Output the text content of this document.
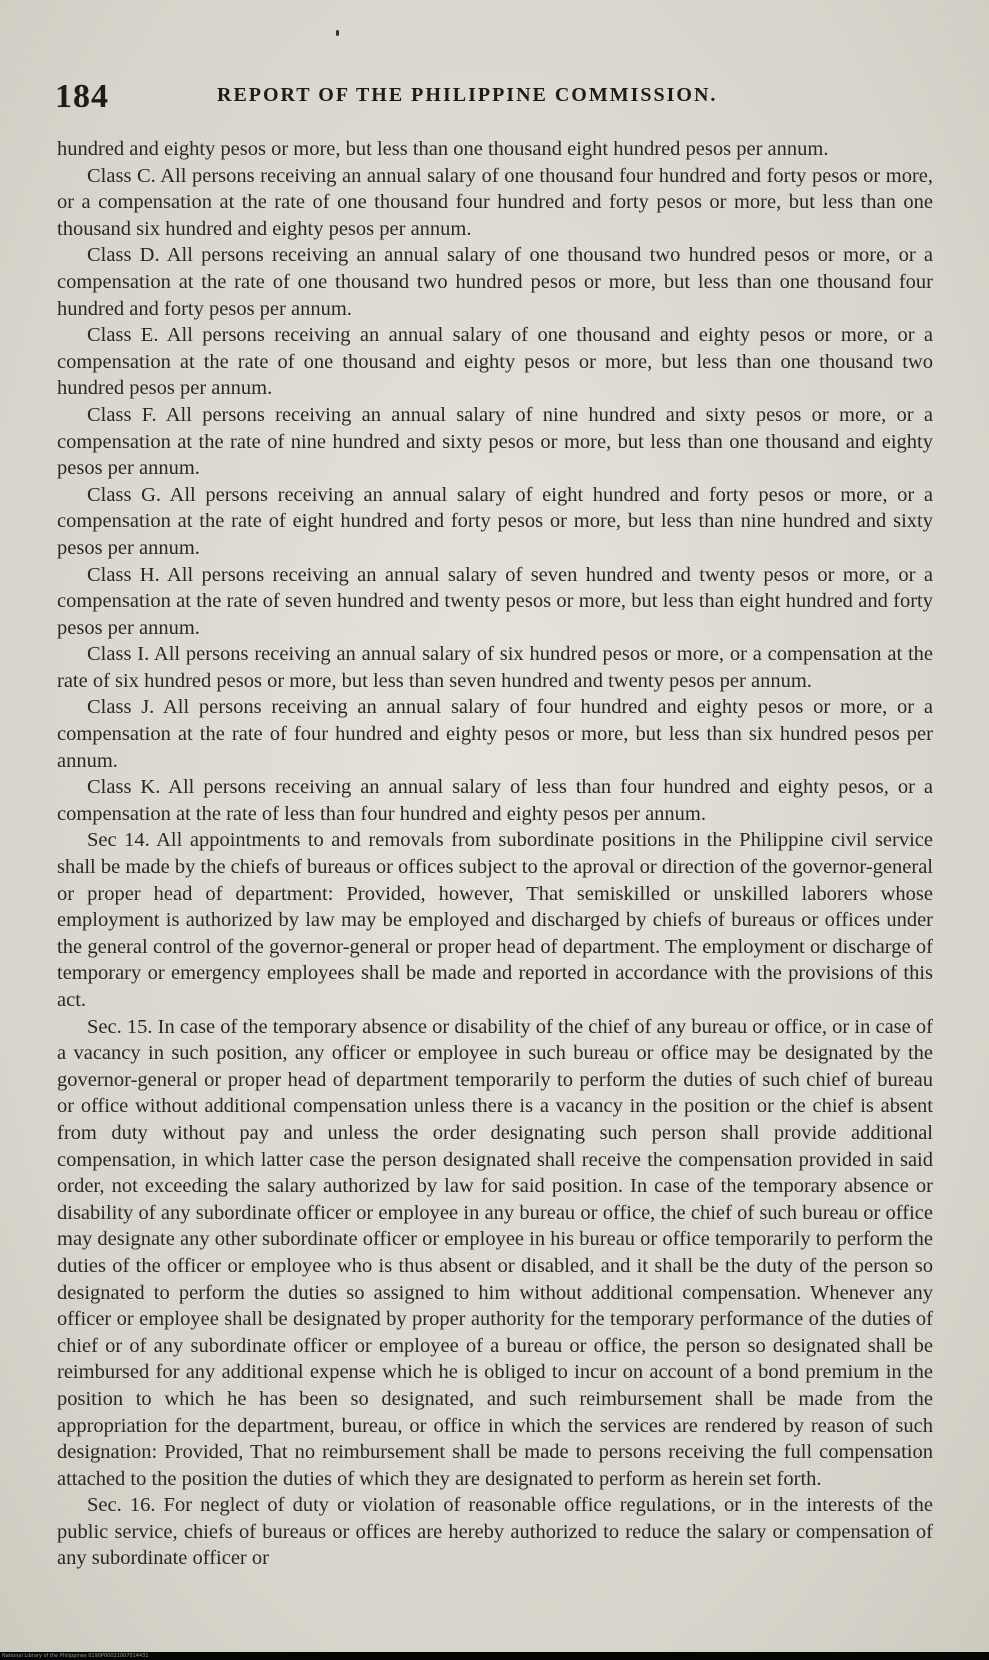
184	REPORT OF THE PHILIPPINE COMMISSION.

hundred and eighty pesos or more, but less than one thousand eight hundred pesos per annum.

Class C. All persons receiving an annual salary of one thousand four hundred and forty pesos or more, or a compensation at the rate of one thousand four hundred and forty pesos or more, but less than one thousand six hundred and eighty pesos per annum.

Class D. All persons receiving an annual salary of one thousand two hundred pesos or more, or a compensation at the rate of one thousand two hundred pesos or more, but less than one thousand four hundred and forty pesos per annum.

Class E. All persons receiving an annual salary of one thousand and eighty pesos or more, or a compensation at the rate of one thousand and eighty pesos or more, but less than one thousand two hundred pesos per annum.

Class F. All persons receiving an annual salary of nine hundred and sixty pesos or more, or a compensation at the rate of nine hundred and sixty pesos or more, but less than one thousand and eighty pesos per annum.

Class G. All persons receiving an annual salary of eight hundred and forty pesos or more, or a compensation at the rate of eight hundred and forty pesos or more, but less than nine hundred and sixty pesos per annum.

Class H. All persons receiving an annual salary of seven hundred and twenty pesos or more, or a compensation at the rate of seven hundred and twenty pesos or more, but less than eight hundred and forty pesos per annum.

Class I. All persons receiving an annual salary of six hundred pesos or more, or a compensation at the rate of six hundred pesos or more, but less than seven hundred and twenty pesos per annum.

Class J. All persons receiving an annual salary of four hundred and eighty pesos or more, or a compensation at the rate of four hundred and eighty pesos or more, but less than six hundred pesos per annum.

Class K. All persons receiving an annual salary of less than four hundred and eighty pesos, or a compensation at the rate of less than four hundred and eighty pesos per annum.

Sec 14. All appointments to and removals from subordinate positions in the Philippine civil service shall be made by the chiefs of bureaus or offices subject to the aproval or direction of the governor-general or proper head of department: Provided, however, That semiskilled or unskilled laborers whose employment is authorized by law may be employed and discharged by chiefs of bureaus or offices under the general control of the governor-general or proper head of department. The employment or discharge of temporary or emergency employees shall be made and reported in accordance with the provisions of this act.

Sec. 15. In case of the temporary absence or disability of the chief of any bureau or office, or in case of a vacancy in such position, any officer or employee in such bureau or office may be designated by the governor-general or proper head of department temporarily to perform the duties of such chief of bureau or office without additional compensation unless there is a vacancy in the position or the chief is absent from duty without pay and unless the order designating such person shall provide additional compensation, in which latter case the person designated shall receive the compensation provided in said order, not exceeding the salary authorized by law for said position. In case of the temporary absence or disability of any subordinate officer or employee in any bureau or office, the chief of such bureau or office may designate any other subordinate officer or employee in his bureau or office temporarily to perform the duties of the officer or employee who is thus absent or disabled, and it shall be the duty of the person so designated to perform the duties so assigned to him without additional compensation. Whenever any officer or employee shall be designated by proper authority for the temporary performance of the duties of chief or of any subordinate officer or employee of a bureau or office, the person so designated shall be reimbursed for any additional expense which he is obliged to incur on account of a bond premium in the position to which he has been so designated, and such reimbursement shall be made from the appropriation for the department, bureau, or office in which the services are rendered by reason of such designation: Provided, That no reimbursement shall be made to persons receiving the full compensation attached to the position the duties of which they are designated to perform as herein set forth.

Sec. 16. For neglect of duty or violation of reasonable office regulations, or in the interests of the public service, chiefs of bureaus or offices are hereby authorized to reduce the salary or compensation of any subordinate officer or

National Library of the Philippines 0190P00021007014431
